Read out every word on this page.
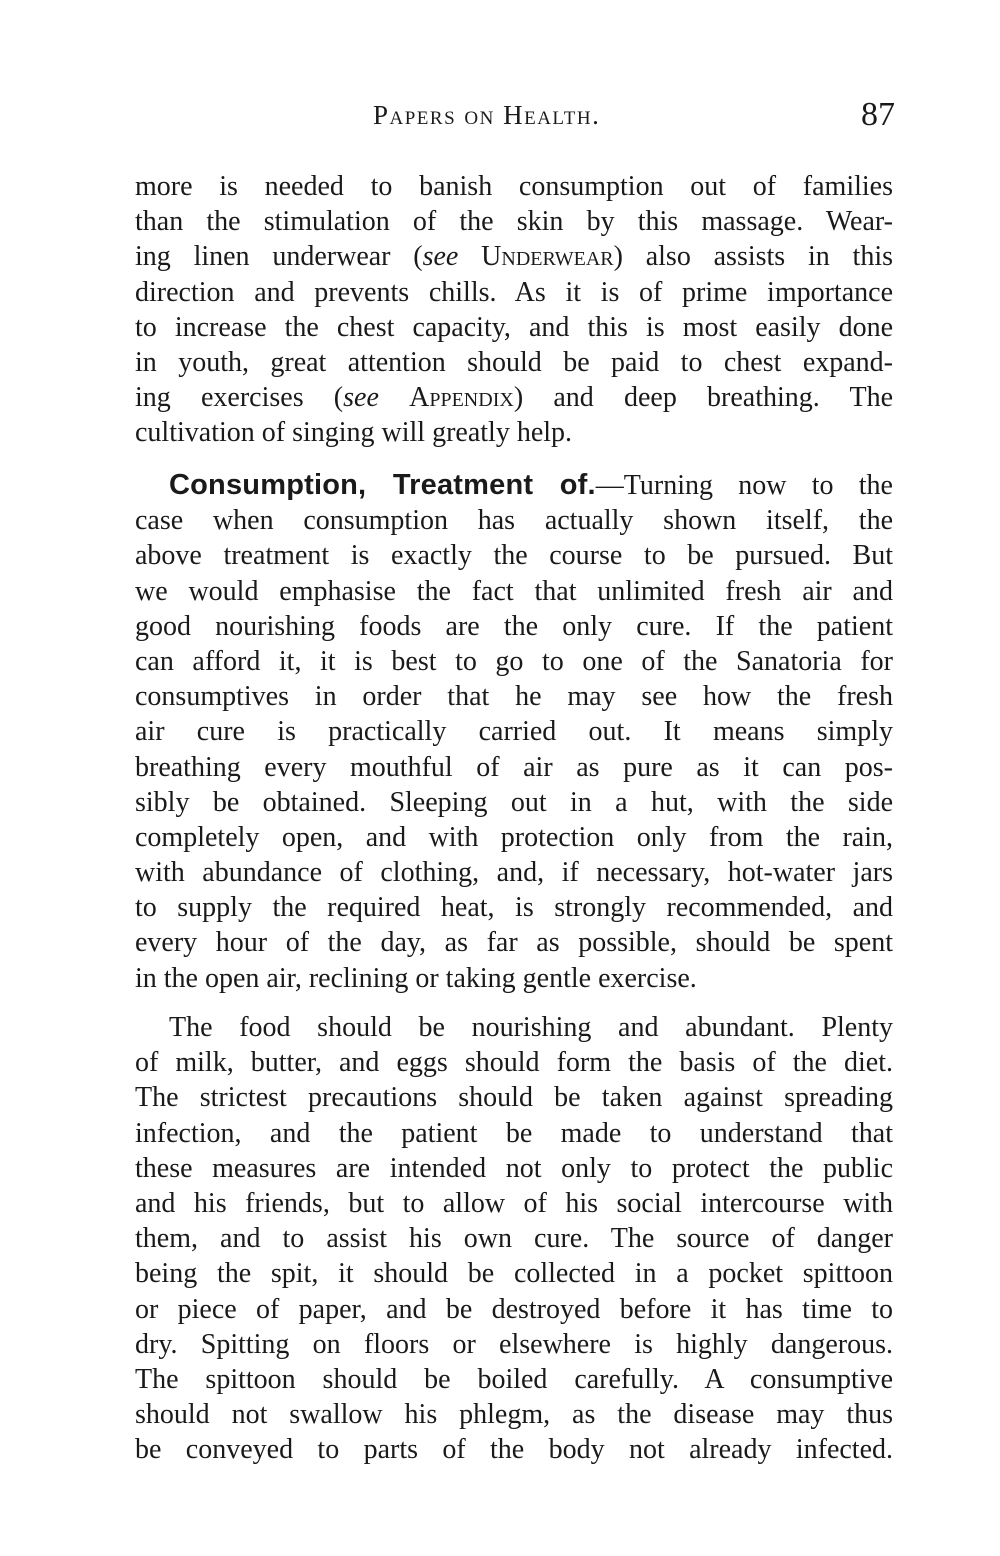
Papers on Health.	87
more is needed to banish consumption out of families
than the stimulation of the skin by this massage. Wear-
ing linen underwear (see Underwear) also assists in this
direction and prevents chills. As it is of prime importance
to increase the chest capacity, and this is most easily done
in youth, great attention should be paid to chest expand-
ing exercises (see Appendix) and deep breathing. The
cultivation of singing will greatly help.
Consumption, Treatment of.—Turning now to the
case when consumption has actually shown itself, the
above treatment is exactly the course to be pursued. But
we would emphasise the fact that unlimited fresh air and
good nourishing foods are the only cure. If the patient
can afford it, it is best to go to one of the Sanatoria for
consumptives in order that he may see how the fresh
air cure is practically carried out. It means simply
breathing every mouthful of air as pure as it can pos-
sibly be obtained. Sleeping out in a hut, with the side
completely open, and with protection only from the rain,
with abundance of clothing, and, if necessary, hot-water jars
to supply the required heat, is strongly recommended, and
every hour of the day, as far as possible, should be spent
in the open air, reclining or taking gentle exercise.
The food should be nourishing and abundant. Plenty
of milk, butter, and eggs should form the basis of the diet.
The strictest precautions should be taken against spreading
infection, and the patient be made to understand that
these measures are intended not only to protect the public
and his friends, but to allow of his social intercourse with
them, and to assist his own cure. The source of danger
being the spit, it should be collected in a pocket spittoon
or piece of paper, and be destroyed before it has time to
dry. Spitting on floors or elsewhere is highly dangerous.
The spittoon should be boiled carefully. A consumptive
should not swallow his phlegm, as the disease may thus
be conveyed to parts of the body not already infected.
